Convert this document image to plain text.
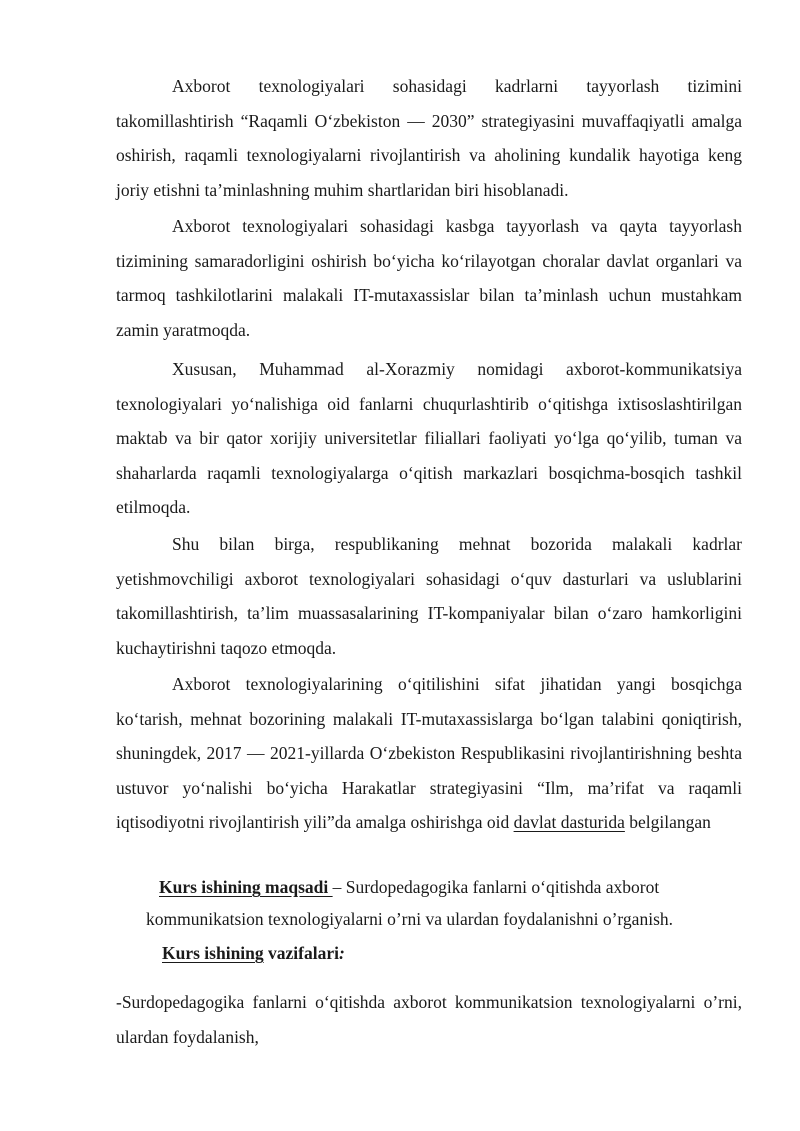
Axborot texnologiyalari sohasidagi kadrlarni tayyorlash tizimini takomillashtirish “Raqamli O‘zbekiston — 2030” strategiyasini muvaffaqiyatli amalga oshirish, raqamli texnologiyalarni rivojlantirish va aholining kundalik hayotiga keng joriy etishni ta’minlashning muhim shartlaridan biri hisoblanadi.

Axborot texnologiyalari sohasidagi kasbga tayyorlash va qayta tayyorlash tizimining samaradorligini oshirish bo‘yicha ko‘rilayotgan choralar davlat organlari va tarmoq tashkilotlarini malakali IT-mutaxassislar bilan ta’minlash uchun mustahkam zamin yaratmoqda.

Xususan, Muhammad al-Xorazmiy nomidagi axborot-kommunikatsiya texnologiyalari yo‘nalishiga oid fanlarni chuqurlashtirib o‘qitishga ixtisoslashtirilgan maktab va bir qator xorijiy universitetlar filiallari faoliyati yo‘lga qo‘yilib, tuman va shaharlarda raqamli texnologiyalarga o‘qitish markazlari bosqichma-bosqich tashkil etilmoqda.

Shu bilan birga, respublikaning mehnat bozorida malakali kadrlar yetishmovchiligi axborot texnologiyalari sohasidagi o‘quv dasturlari va uslublarini takomillashtirish, ta’lim muassasalarining IT-kompaniyalar bilan o‘zaro hamkorligini kuchaytirishni taqozo etmoqda.

Axborot texnologiyalarining o‘qitilishini sifat jihatidan yangi bosqichga ko‘tarish, mehnat bozorining malakali IT-mutaxassislarga bo‘lgan talabini qoniqtirish, shuningdek, 2017 — 2021-yillarda O‘zbekiston Respublikasini rivojlantirishning beshta ustuvor yo‘nalishi bo‘yicha Harakatlar strategiyasini “Ilm, ma’rifat va raqamli iqtisodiyotni rivojlantirish yili”da amalga oshirishga oid davlat dasturida belgilangan

Kurs ishining maqsadi – Surdopedagogika fanlarni o‘qitishda axborot
kommunikatsion texnologiyalarni o’rni va ulardan foydalanishni o’rganish.

Kurs ishining vazifalari:

-Surdopedagogika fanlarni o‘qitishda axborot kommunikatsion texnologiyalarni o’rni, ulardan foydalanish,
